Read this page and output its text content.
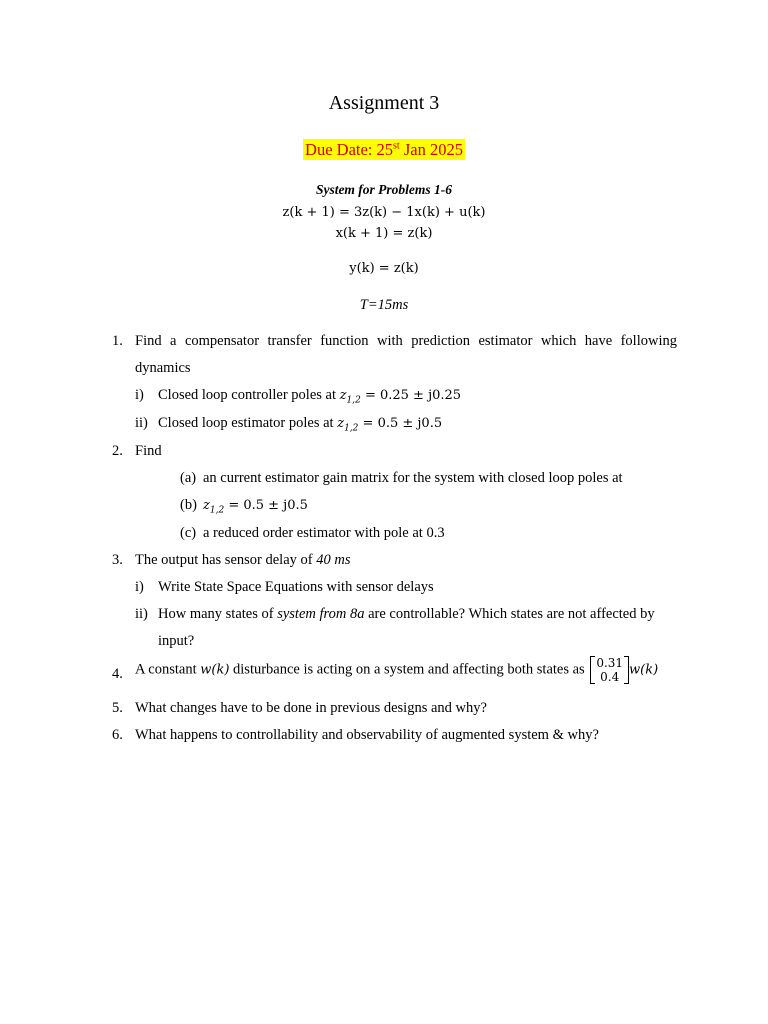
Assignment 3
Due Date: 25st Jan 2025
System for Problems 1-6
z(k + 1) = 3z(k) − 1x(k) + u(k)
x(k + 1) = z(k)
y(k) = z(k)
T=15ms
1. Find a compensator transfer function with prediction estimator which have following
dynamics
i) Closed loop controller poles at $z_{1,2} = 0.25 \pm j0.25$
ii) Closed loop estimator poles at $z_{1,2} = 0.5 \pm j0.5$
2. Find
(a) an current estimator gain matrix for the system with closed loop poles at
(b) $z_{1,2} = 0.5 \pm j0.5$
(c) a reduced order estimator with pole at 0.3
3. The output has sensor delay of 40 ms
i) Write State Space Equations with sensor delays
ii) How many states of system from 8a are controllable? Which states are not affected by
input?
4. A constant w(k) disturbance is acting on a system and affecting both states as 0.31
0.4 w(k)
5. What changes have to be done in previous designs and why?
6. What happens to controllability and observability of augmented system & why?
